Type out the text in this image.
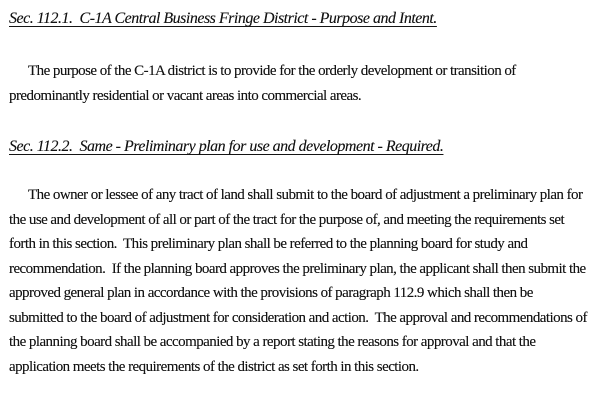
Sec. 112.1.  C-1A Central Business Fringe District - Purpose and Intent.

The purpose of the C-1A district is to provide for the orderly development or transition of predominantly residential or vacant areas into commercial areas.

Sec. 112.2.  Same - Preliminary plan for use and development - Required.

The owner or lessee of any tract of land shall submit to the board of adjustment a preliminary plan for the use and development of all or part of the tract for the purpose of, and meeting the requirements set forth in this section.  This preliminary plan shall be referred to the planning board for study and recommendation.  If the planning board approves the preliminary plan, the applicant shall then submit the approved general plan in accordance with the provisions of paragraph 112.9 which shall then be submitted to the board of adjustment for consideration and action.  The approval and recommendations of the planning board shall be accompanied by a report stating the reasons for approval and that the application meets the requirements of the district as set forth in this section.
